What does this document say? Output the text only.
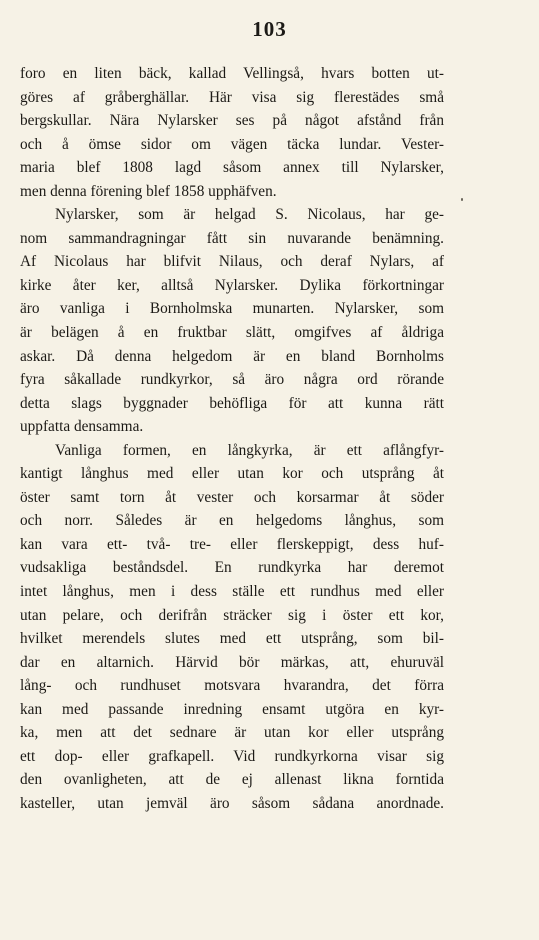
103
foro en liten bäck, kallad Vellingså, hvars botten ut-
göres af gråberghällar. Här visa sig flerestädes små
bergskullar. Nära Nylarsker ses på något afstånd från
och å ömse sidor om vägen täcka lundar. Vester-
maria blef 1808 lagd såsom annex till Nylarsker,
men denna förening blef 1858 upphäfven.
Nylarsker, som är helgad S. Nicolaus, har ge-
nom sammandragningar fått sin nuvarande benämning.
Af Nicolaus har blifvit Nilaus, och deraf Nylars, af
kirke åter ker, alltså Nylarsker. Dylika förkortningar
äro vanliga i Bornholmska munarten. Nylarsker, som
är belägen å en fruktbar slätt, omgifves af åldriga
askar. Då denna helgedom är en bland Bornholms
fyra såkallade rundkyrkor, så äro några ord rörande
detta slags byggnader behöfliga för att kunna rätt
uppfatta densamma.
Vanliga formen, en långkyrka, är ett aflångfyr-
kantigt långhus med eller utan kor och utsprång åt
öster samt torn åt vester och korsarmar åt söder
och norr. Således är en helgedoms långhus, som
kan vara ett- två- tre- eller flerskeppigt, dess huf-
vudsakliga beståndsdel. En rundkyrka har deremot
intet långhus, men i dess ställe ett rundhus med eller
utan pelare, och derifrån sträcker sig i öster ett kor,
hvilket merendels slutes med ett utsprång, som bil-
dar en altarnich. Härvid bör märkas, att, ehuruväl
lång- och rundhuset motsvara hvarandra, det förra
kan med passande inredning ensamt utgöra en kyr-
ka, men att det sednare är utan kor eller utsprång
ett dop- eller grafkapell. Vid rundkyrkorna visar sig
den ovanligheten, att de ej allenast likna forntida
kasteller, utan jemväl äro såsom sådana anordnade.
